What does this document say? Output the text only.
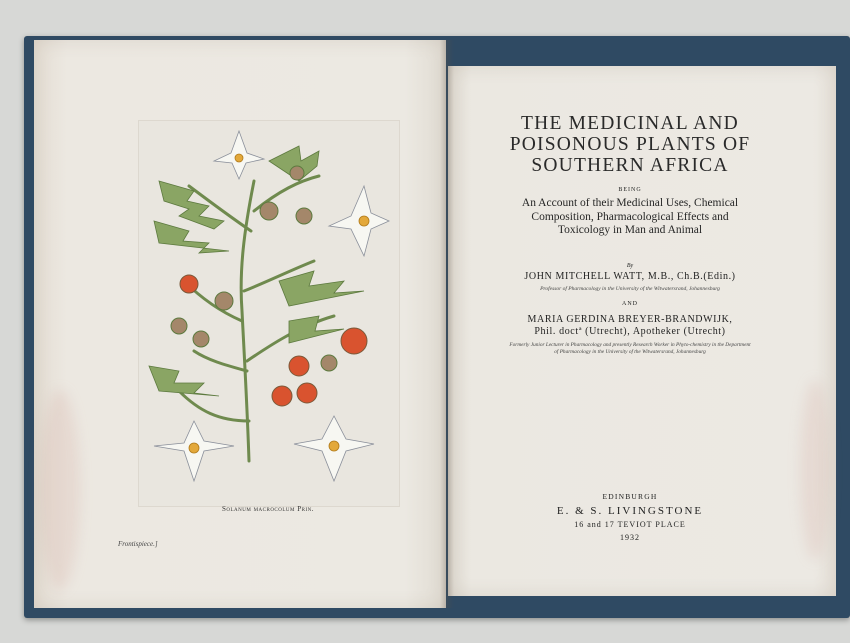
Solanum macrocolum Prin.
Frontispiece.]
THE MEDICINAL AND
POISONOUS PLANTS OF
SOUTHERN AFRICA
BEING
An Account of their Medicinal Uses, Chemical
Composition, Pharmacological Effects and
Toxicology in Man and Animal
By
JOHN MITCHELL WATT, M.B., Ch.B.(Edin.)
Professor of Pharmacology in the University of the Witwatersrand, Johannesburg
AND
MARIA GERDINA BREYER-BRANDWIJK,
Phil. doctª (Utrecht), Apotheker (Utrecht)
Formerly Junior Lecturer in Pharmacology and presently Research Worker in Phyto-chemistry in the Department of Pharmacology in the University of the Witwatersrand, Johannesburg
EDINBURGH
E. & S. LIVINGSTONE
16 and 17 TEVIOT PLACE
1932
